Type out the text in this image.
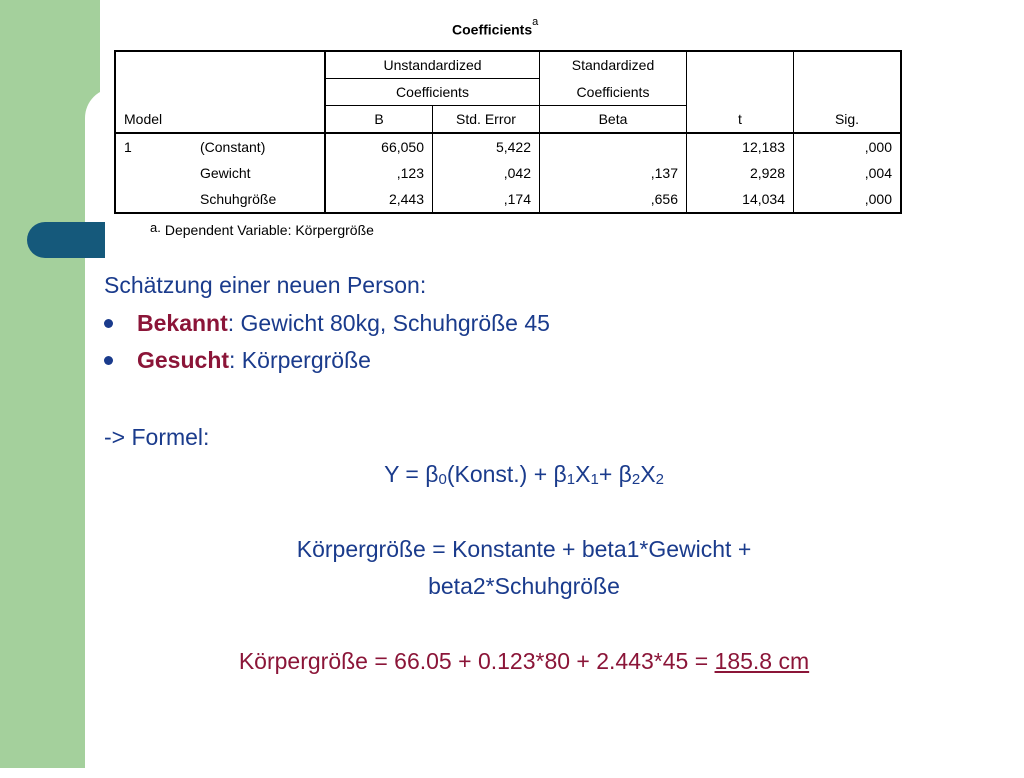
Coefficients$^a$
		Unstandardized		Standardized		
		Coefficients		Coefficients		
Model		B	Std. Error	Beta	t	Sig.
1	(Constant)	66,050	5,422		12,183	,000
	Gewicht	,123	,042	,137	2,928	,004
	Schuhgröße	2,443	,174	,656	14,034	,000
a. Dependent Variable: Körpergröße
Schätzung einer neuen Person:
Bekannt: Gewicht 80kg, Schuhgröße 45
Gesucht: Körpergröße
-> Formel:
$Y = \beta_0(Konst.) + \beta_1X_1+ \beta_2X_2$
Körpergröße = Konstante + beta1*Gewicht +
beta2*Schuhgröße
Körpergröße = 66.05 + 0.123*80 + 2.443*45 = 185.8 cm
